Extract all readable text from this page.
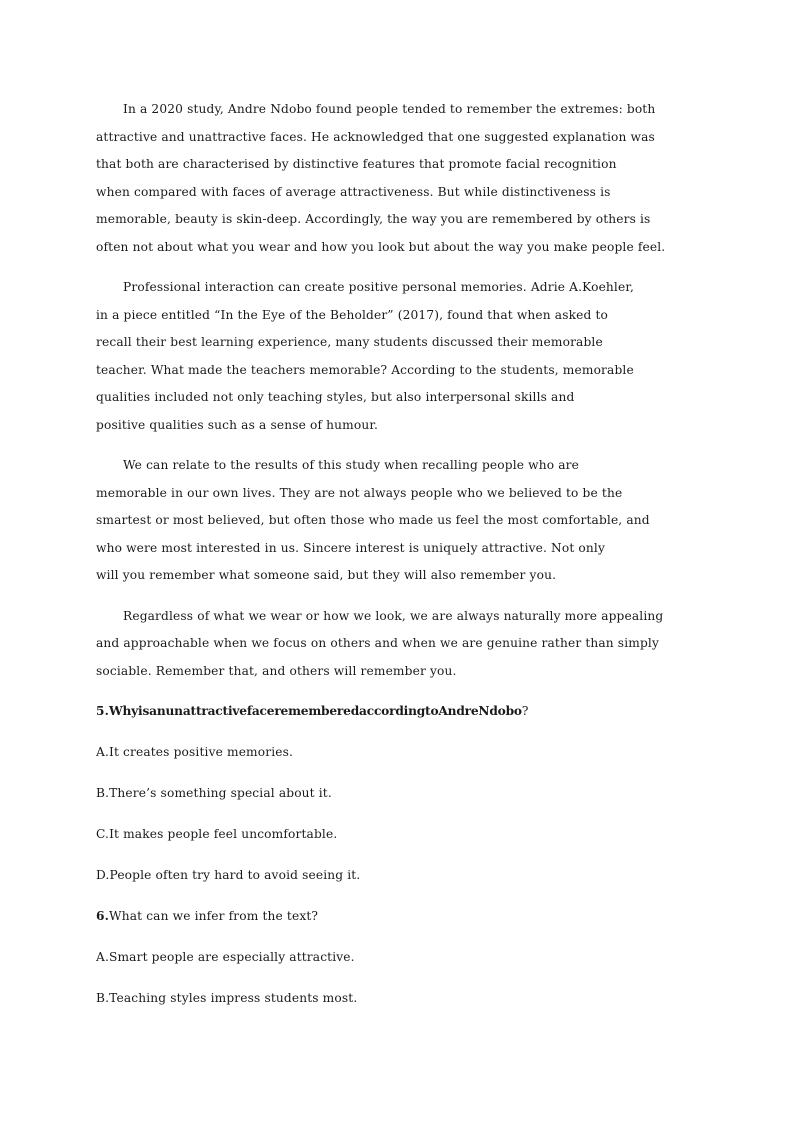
In a 2020 study, Andre Ndobo found people tended to remember the extremes: both
attractive and unattractive faces. He acknowledged that one suggested explanation was
that both are characterised by distinctive features that promote facial recognition
when compared with faces of average attractiveness. But while distinctiveness is
memorable, beauty is skin-deep. Accordingly, the way you are remembered by others is
often not about what you wear and how you look but about the way you make people feel.
Professional interaction can create positive personal memories. Adrie A.Koehler,
in a piece entitled “In the Eye of the Beholder” (2017), found that when asked to
recall their best learning experience, many students discussed their memorable
teacher. What made the teachers memorable? According to the students, memorable
qualities included not only teaching styles, but also interpersonal skills and
positive qualities such as a sense of humour.
We can relate to the results of this study when recalling people who are
memorable in our own lives. They are not always people who we believed to be the
smartest or most believed, but often those who made us feel the most comfortable, and
who were most interested in us. Sincere interest is uniquely attractive. Not only
will you remember what someone said, but they will also remember you.
Regardless of what we wear or how we look, we are always naturally more appealing
and approachable when we focus on others and when we are genuine rather than simply
sociable. Remember that, and others will remember you.
5.WhyisanunattractivefacerememberedaccordingtoAndreNdobo?
A.It creates positive memories.
B.There’s something special about it.
C.It makes people feel uncomfortable.
D.People often try hard to avoid seeing it.
6.What can we infer from the text?
A.Smart people are especially attractive.
B.Teaching styles impress students most.
